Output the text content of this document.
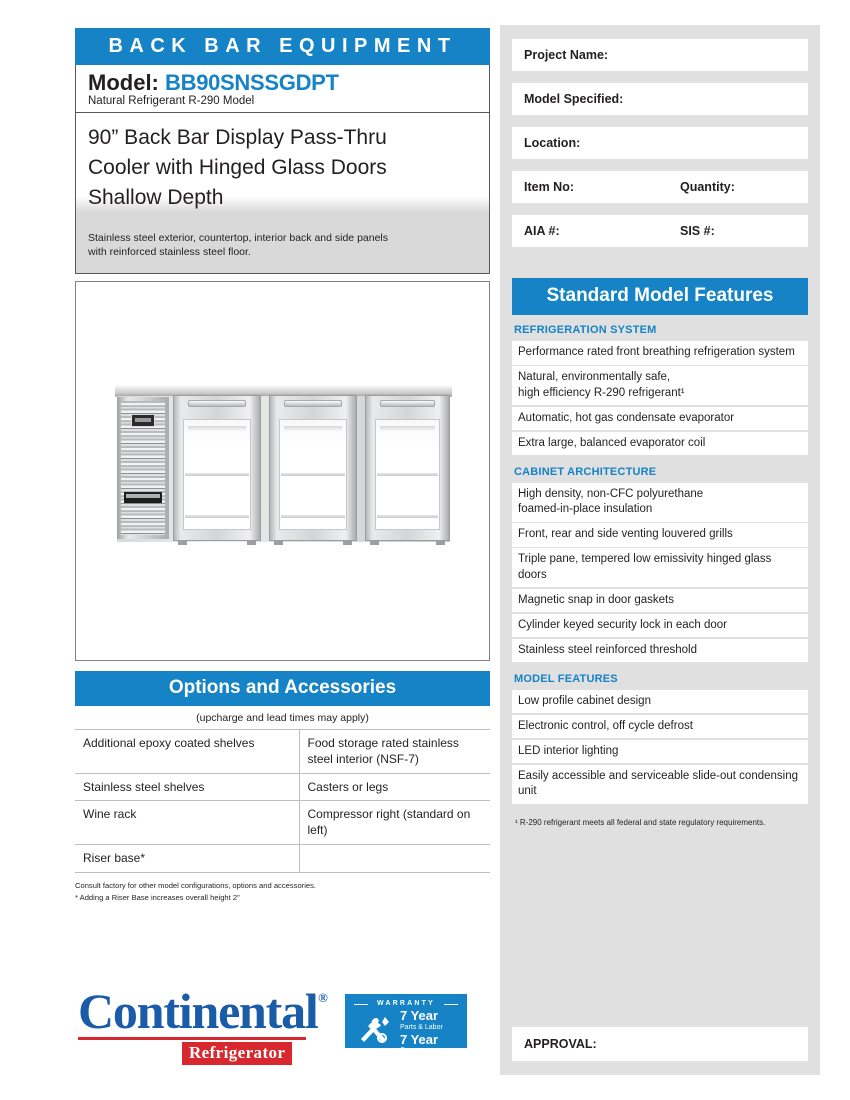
BACK BAR EQUIPMENT
Model: BB90SNSSGDPT
Natural Refrigerant R-290 Model
90” Back Bar Display Pass-Thru
Cooler with Hinged Glass Doors
Shallow Depth
Stainless steel exterior, countertop, interior back and side panels
with reinforced stainless steel floor.
Options and Accessories
(upcharge and lead times may apply)
Additional epoxy coated shelves	Food storage rated stainless steel interior (NSF-7)
Stainless steel shelves	Casters or legs
Wine rack	Compressor right (standard on left)
Riser base*	
Consult factory for other model configurations, options and accessories.
* Adding a Riser Base increases overall height 2”
Continental ®
Refrigerator
WARRANTY
7 Year
Parts & Labor
7 Year
Compressor
Project Name:
Model Specified:
Location:
Item No:	Quantity:
AIA #:	SIS #:
Standard Model Features
REFRIGERATION SYSTEM
Performance rated front breathing refrigeration system
Natural, environmentally safe,
high efficiency R-290 refrigerant¹
Automatic, hot gas condensate evaporator
Extra large, balanced evaporator coil
CABINET ARCHITECTURE
High density, non-CFC polyurethane
foamed-in-place insulation
Front, rear and side venting louvered grills
Triple pane, tempered low emissivity hinged glass doors
Magnetic snap in door gaskets
Cylinder keyed security lock in each door
Stainless steel reinforced threshold
MODEL FEATURES
Low profile cabinet design
Electronic control, off cycle defrost
LED interior lighting
Easily accessible and serviceable slide-out condensing unit
¹ R-290 refrigerant meets all federal and state regulatory requirements.
APPROVAL:
